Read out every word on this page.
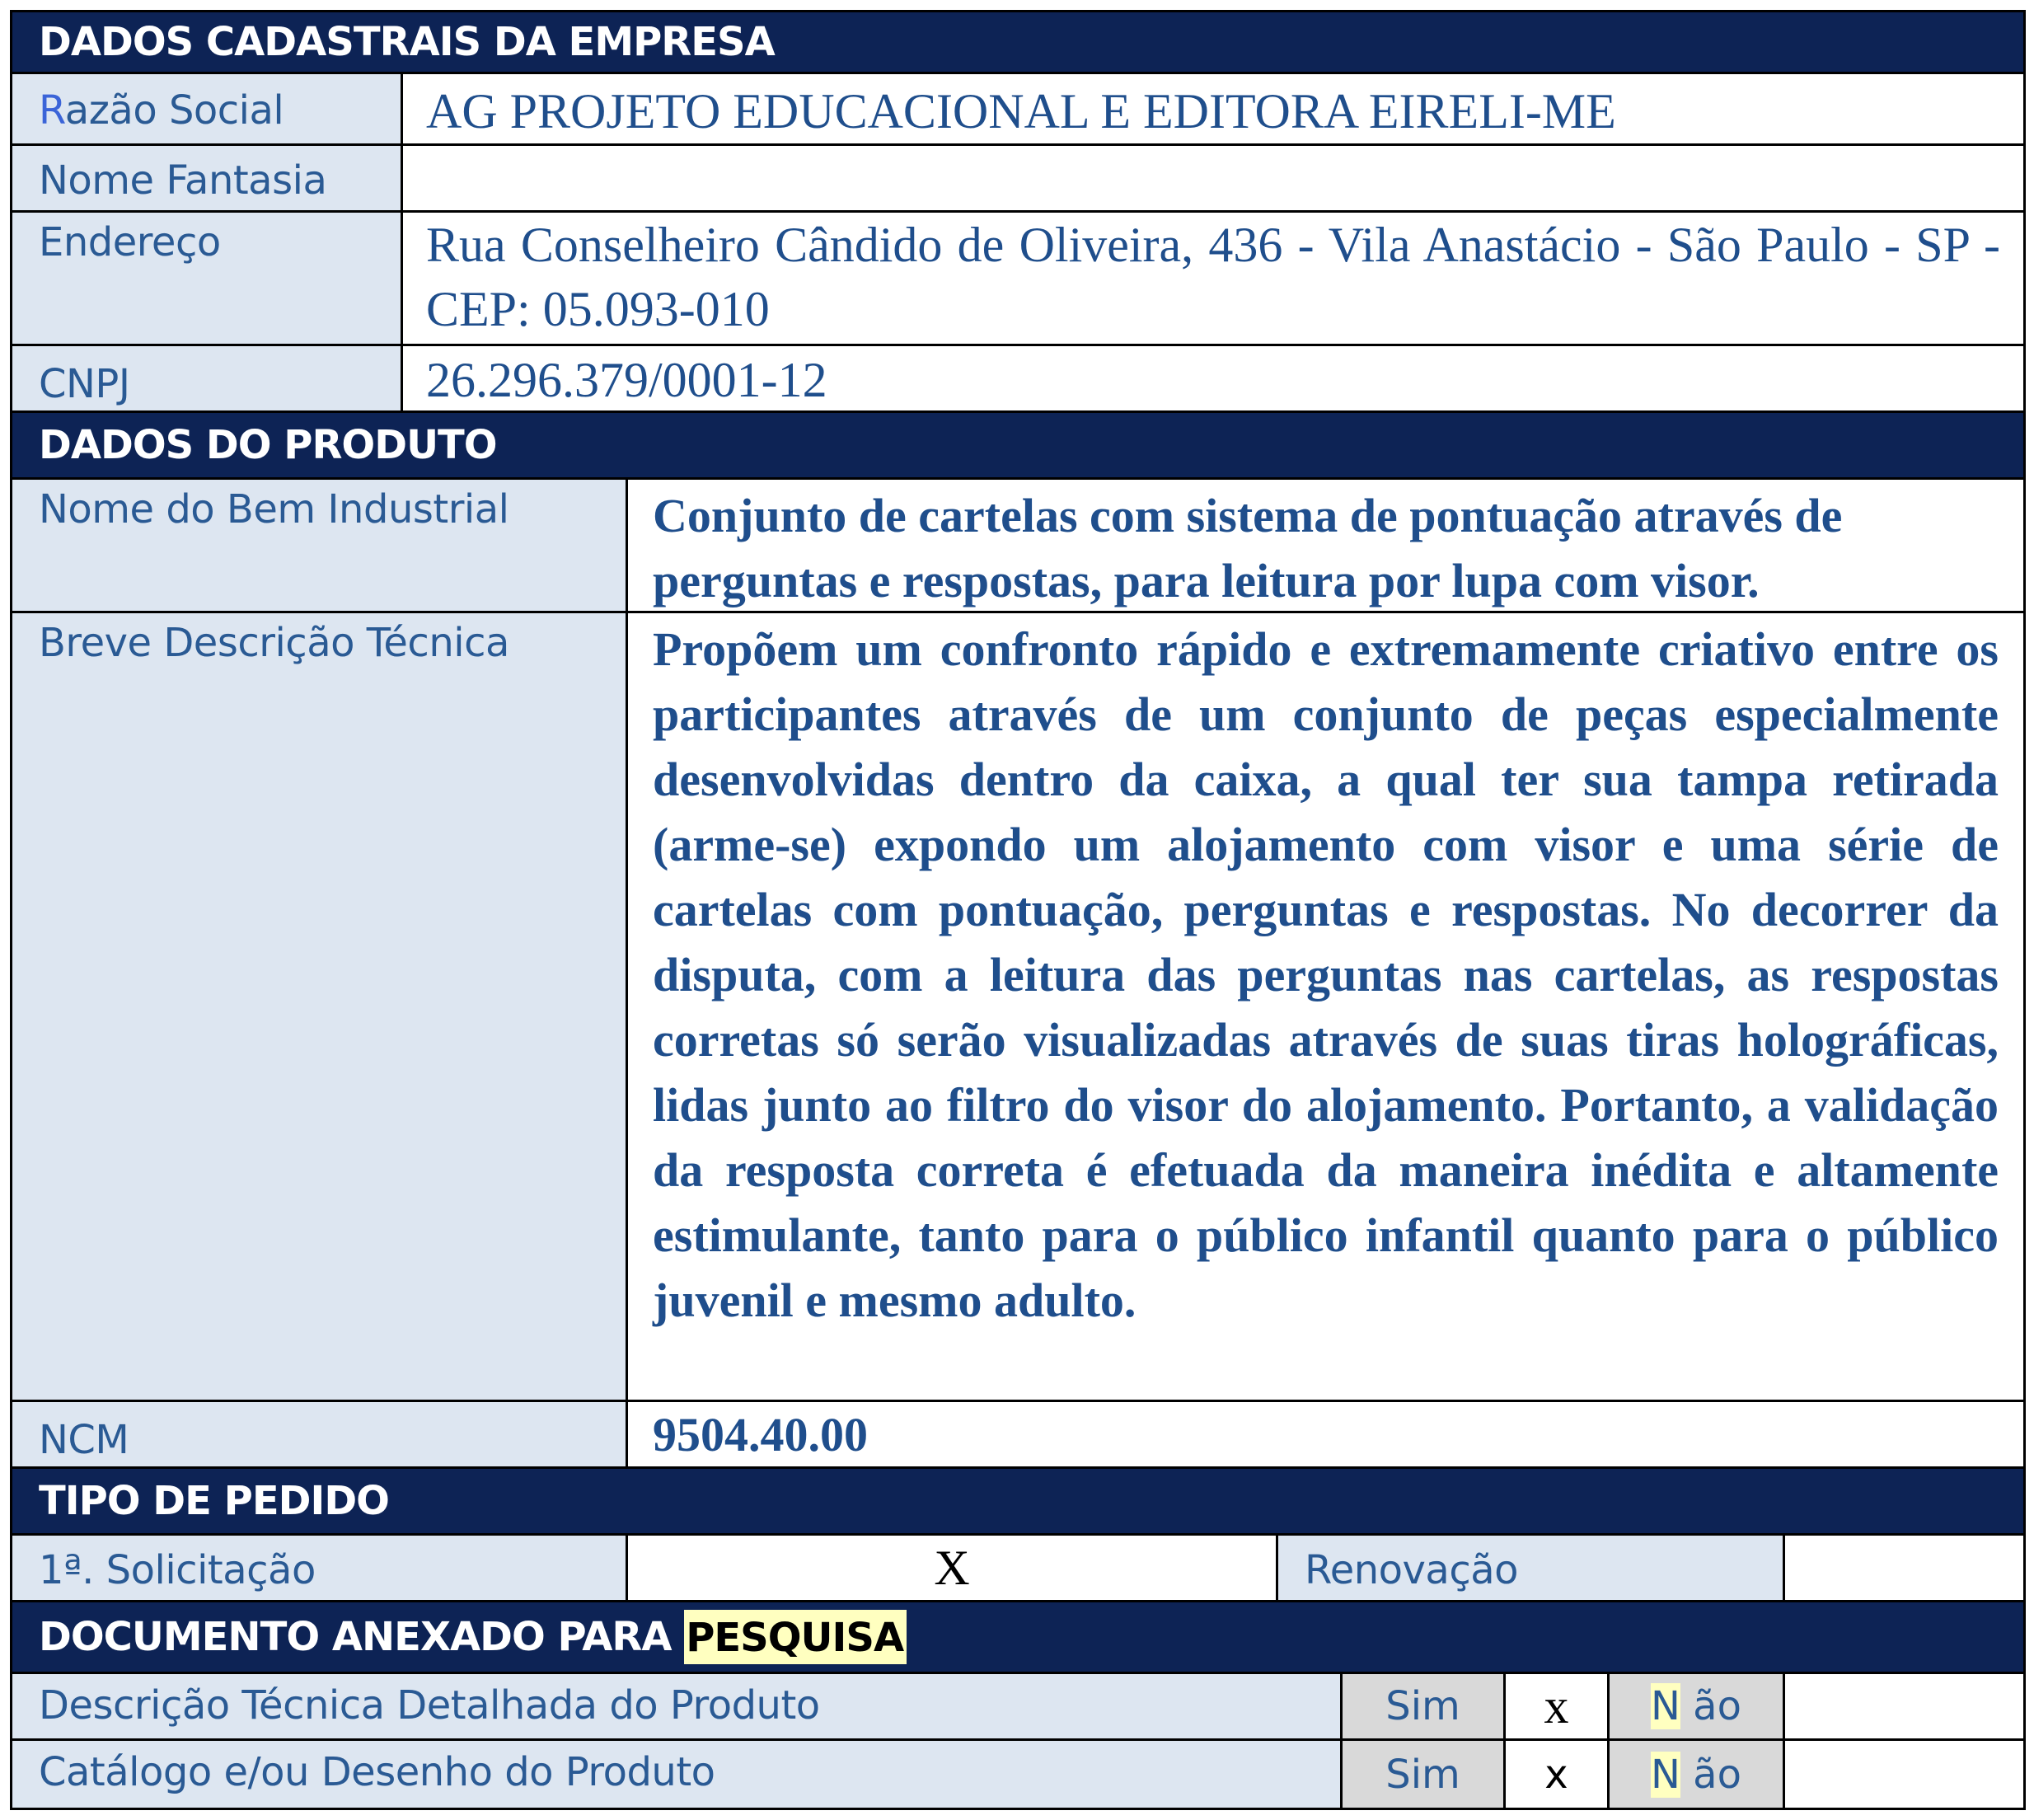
DADOS CADASTRAIS DA EMPRESA
Razão Social	AG PROJETO EDUCACIONAL E EDITORA EIRELI-ME
Nome Fantasia
Endereço	Rua Conselheiro Cândido de Oliveira, 436 - Vila Anastácio - São Paulo - SP - CEP: 05.093-010
CNPJ	26.296.379/0001-12
DADOS DO PRODUTO
Nome do Bem Industrial	Conjunto de cartelas com sistema de pontuação através de perguntas e respostas, para leitura por lupa com visor.
Breve Descrição Técnica	Propõem um confronto rápido e extremamente criativo entre os participantes através de um conjunto de peças especialmente desenvolvidas dentro da caixa, a qual ter sua tampa retirada (arme-se) expondo um alojamento com visor e uma série de cartelas com pontuação, perguntas e respostas. No decorrer da disputa, com a leitura das perguntas nas cartelas, as respostas corretas só serão visualizadas através de suas tiras holográficas, lidas junto ao filtro do visor do alojamento. Portanto, a validação da resposta correta é efetuada da maneira inédita e altamente estimulante, tanto para o público infantil quanto para o público juvenil e mesmo adulto.
NCM	9504.40.00
TIPO DE PEDIDO
1ª. Solicitação	X	Renovação
DOCUMENTO ANEXADO PARA PESQUISA
Descrição Técnica Detalhada do Produto	Sim x N ão
Catálogo e/ou Desenho do Produto	Sim x N ão
